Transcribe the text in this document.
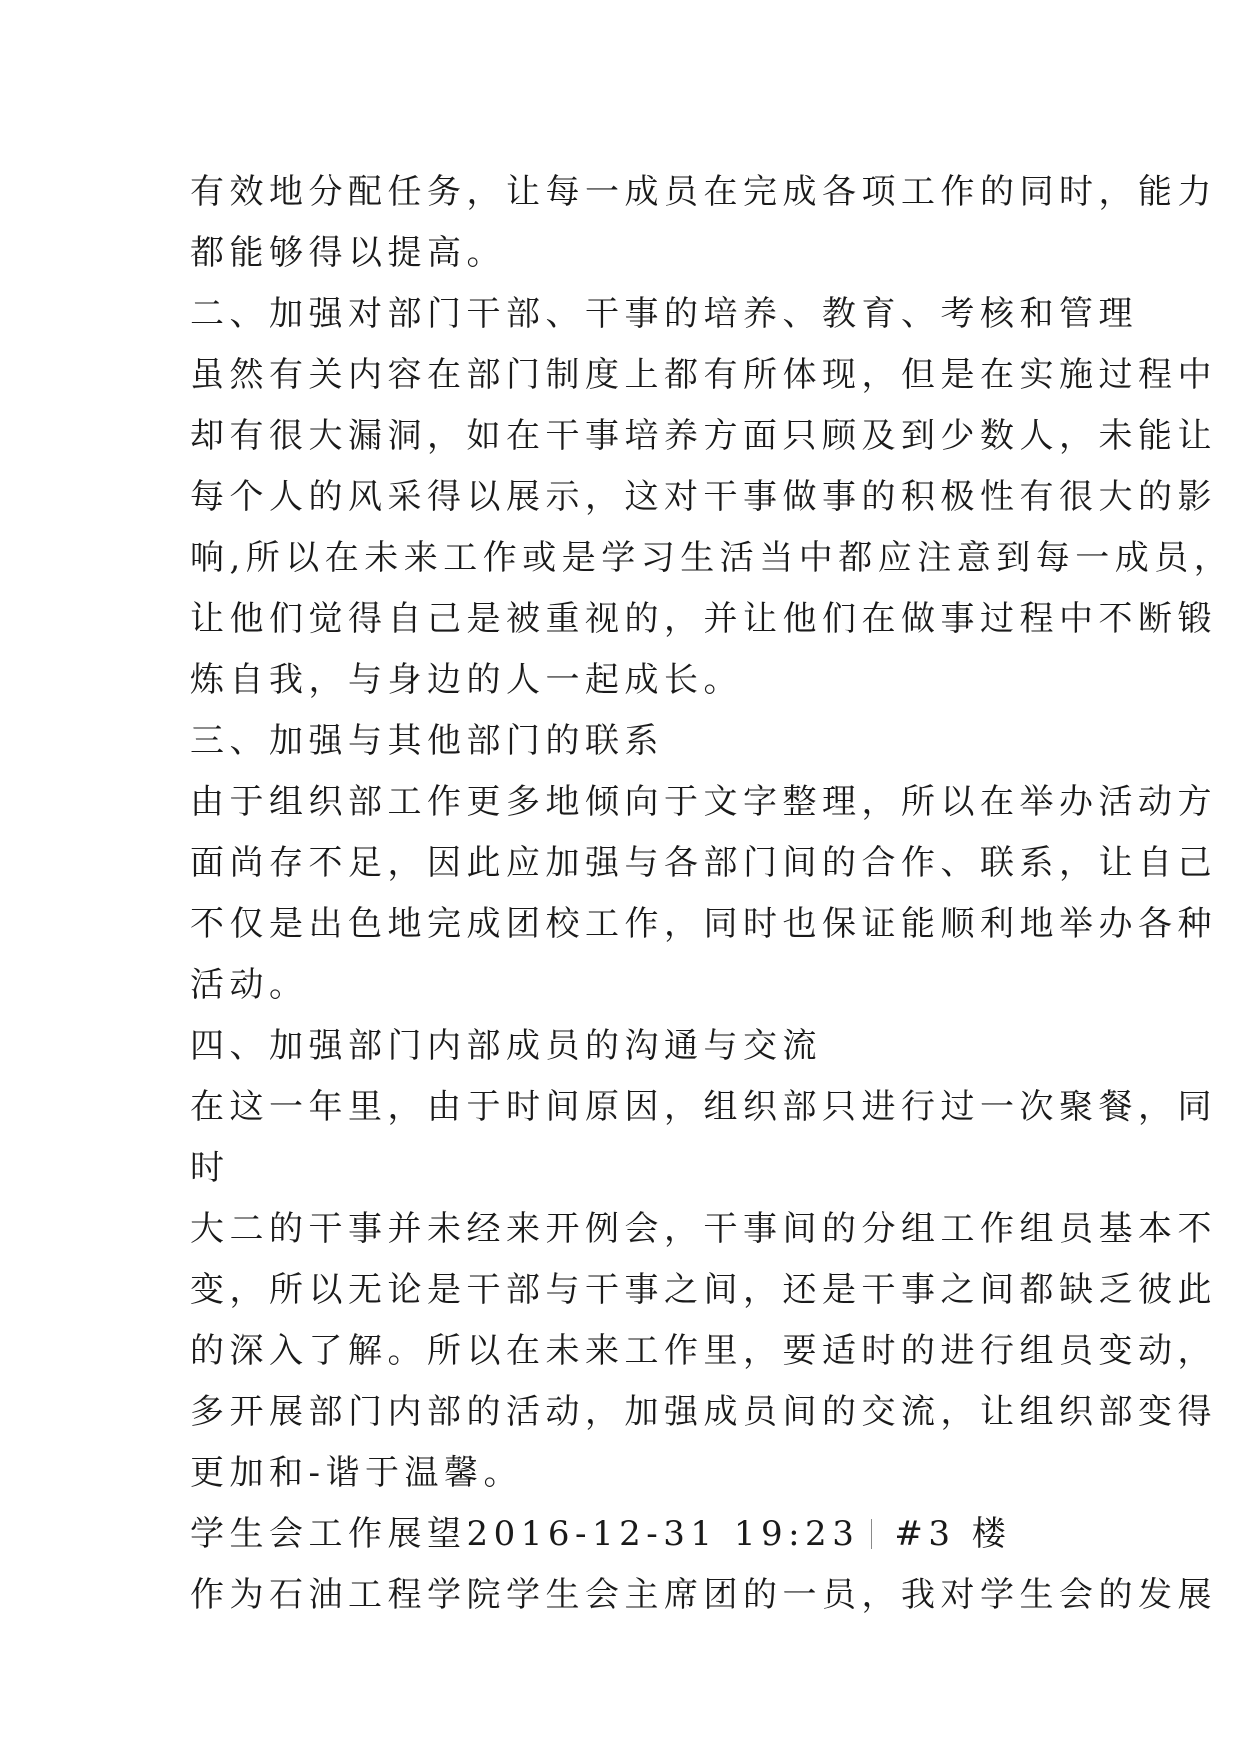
有效地分配任务，让每一成员在完成各项工作的同时，能力
都能够得以提高。
二、加强对部门干部、干事的培养、教育、考核和管理
虽然有关内容在部门制度上都有所体现，但是在实施过程中
却有很大漏洞，如在干事培养方面只顾及到少数人，未能让
每个人的风采得以展示，这对干事做事的积极性有很大的影
响,所以在未来工作或是学习生活当中都应注意到每一成员，
让他们觉得自己是被重视的，并让他们在做事过程中不断锻
炼自我，与身边的人一起成长。
三、加强与其他部门的联系
由于组织部工作更多地倾向于文字整理，所以在举办活动方
面尚存不足，因此应加强与各部门间的合作、联系，让自己
不仅是出色地完成团校工作，同时也保证能顺利地举办各种
活动。
四、加强部门内部成员的沟通与交流
在这一年里，由于时间原因，组织部只进行过一次聚餐，同
时
大二的干事并未经来开例会，干事间的分组工作组员基本不
变，所以无论是干部与干事之间，还是干事之间都缺乏彼此
的深入了解。所以在未来工作里，要适时的进行组员变动，
多开展部门内部的活动，加强成员间的交流，让组织部变得
更加和-谐于温馨。
学生会工作展望2016-12-31 19:23 #3 楼
作为石油工程学院学生会主席团的一员，我对学生会的发展
